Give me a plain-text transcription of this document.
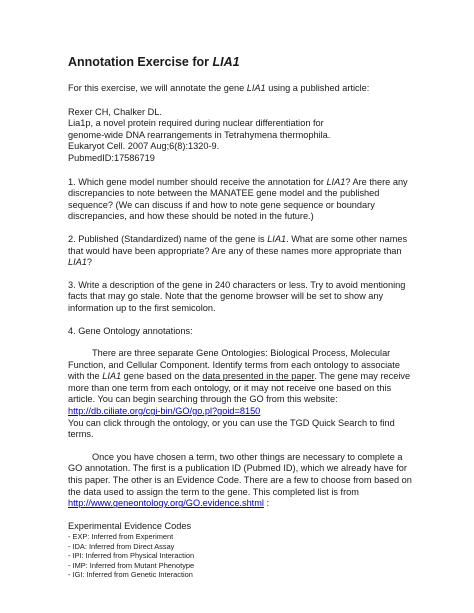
Annotation Exercise for LIA1

For this exercise, we will annotate the gene LIA1 using a published article:

Rexer CH, Chalker DL.

Lia1p, a novel protein required during nuclear differentiation for

genome-wide DNA rearrangements in Tetrahymena thermophila.

Eukaryot Cell. 2007 Aug;6(8):1320-9.

PubmedID:17586719

1. Which gene model number should receive the annotation for LIA1? Are there any discrepancies to note between the MANATEE gene model and the published sequence? (We can discuss if and how to note gene sequence or boundary discrepancies, and how these should be noted in the future.)

2. Published (Standardized) name of the gene is LIA1. What are some other names that would have been appropriate? Are any of these names more appropriate than LIA1?

3. Write a description of the gene in 240 characters or less. Try to avoid mentioning facts that may go stale. Note that the genome browser will be set to show any information up to the first semicolon.

4. Gene Ontology annotations:

There are three separate Gene Ontologies: Biological Process, Molecular Function, and Cellular Component. Identify terms from each ontology to associate with the LIA1 gene based on the data presented in the paper. The gene may receive more than one term from each ontology, or it may not receive one based on this article. You can begin searching through the GO from this website:

http://db.ciliate.org/cgi-bin/GO/go.pl?goid=8150

You can click through the ontology, or you can use the TGD Quick Search to find terms.

Once you have chosen a term, two other things are necessary to complete a GO annotation. The first is a publication ID (Pubmed ID), which we already have for this paper. The other is an Evidence Code. There are a few to choose from based on the data used to assign the term to the gene. This completed list is from http://www.geneontology.org/GO.evidence.shtml :

Experimental Evidence Codes

- EXP: Inferred from Experiment
- IDA: Inferred from Direct Assay
- IPI: Inferred from Physical Interaction
- IMP: Inferred from Mutant Phenotype
- IGI: Inferred from Genetic Interaction
